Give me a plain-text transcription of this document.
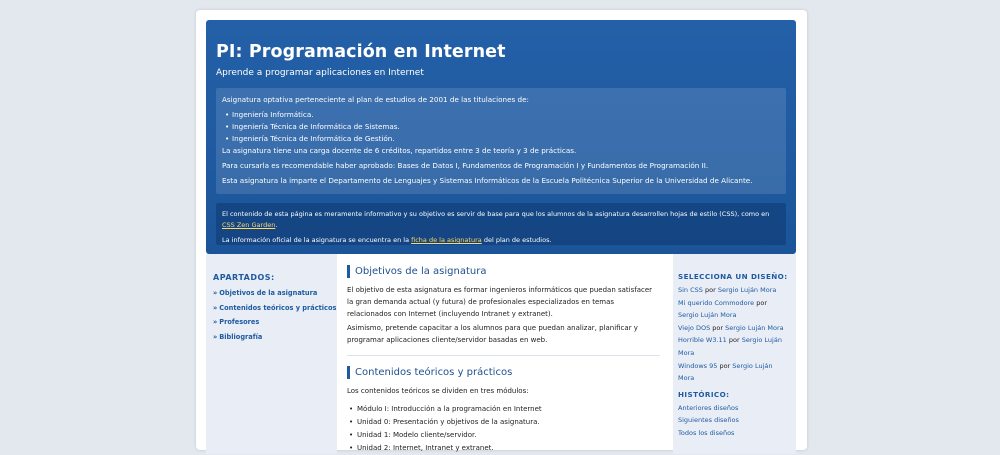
PI: Programación en Internet
Aprende a programar aplicaciones en Internet

Asignatura optativa perteneciente al plan de estudios de 2001 de las titulaciones de:

• Ingeniería Informática.
• Ingeniería Técnica de Informática de Sistemas.
• Ingeniería Técnica de Informática de Gestión.

La asignatura tiene una carga docente de 6 créditos, repartidos entre 3 de teoría y 3 de prácticas.

Para cursarla es recomendable haber aprobado: Bases de Datos I, Fundamentos de Programación I y Fundamentos de Programación II.

Esta asignatura la imparte el Departamento de Lenguajes y Sistemas Informáticos de la Escuela Politécnica Superior de la Universidad de Alicante.

El contenido de esta página es meramente informativo y su objetivo es servir de base para que los alumnos de la asignatura desarrollen hojas de estilo (CSS), como en CSS Zen Garden.

La información oficial de la asignatura se encuentra en la ficha de la asignatura del plan de estudios.

APARTADOS:
» Objetivos de la asignatura
» Contenidos teóricos y prácticos
» Profesores
» Bibliografía
Objetivos de la asignatura

El objetivo de esta asignatura es formar ingenieros informáticos que puedan satisfacer la gran demanda actual (y futura) de profesionales especializados en temas relacionados con Internet (incluyendo Intranet y extranet).

Asimismo, pretende capacitar a los alumnos para que puedan analizar, planificar y programar aplicaciones cliente/servidor basadas en web.

Contenidos teóricos y prácticos

Los contenidos teóricos se dividen en tres módulos:

• Módulo I: Introducción a la programación en Internet
• Unidad 0: Presentación y objetivos de la asignatura.
• Unidad 1: Modelo cliente/servidor.
• Unidad 2: Internet, Intranet y extranet.
SELECCIONA UN DISEÑO:
Sin CSS por Sergio Luján Mora
Mi querido Commodore por Sergio Luján Mora
Viejo DOS por Sergio Luján Mora
Horrible W3.11 por Sergio Luján Mora
Windows 95 por Sergio Luján Mora
HISTÓRICO:
Anteriores diseños
Siguientes diseños
Todos los diseños
